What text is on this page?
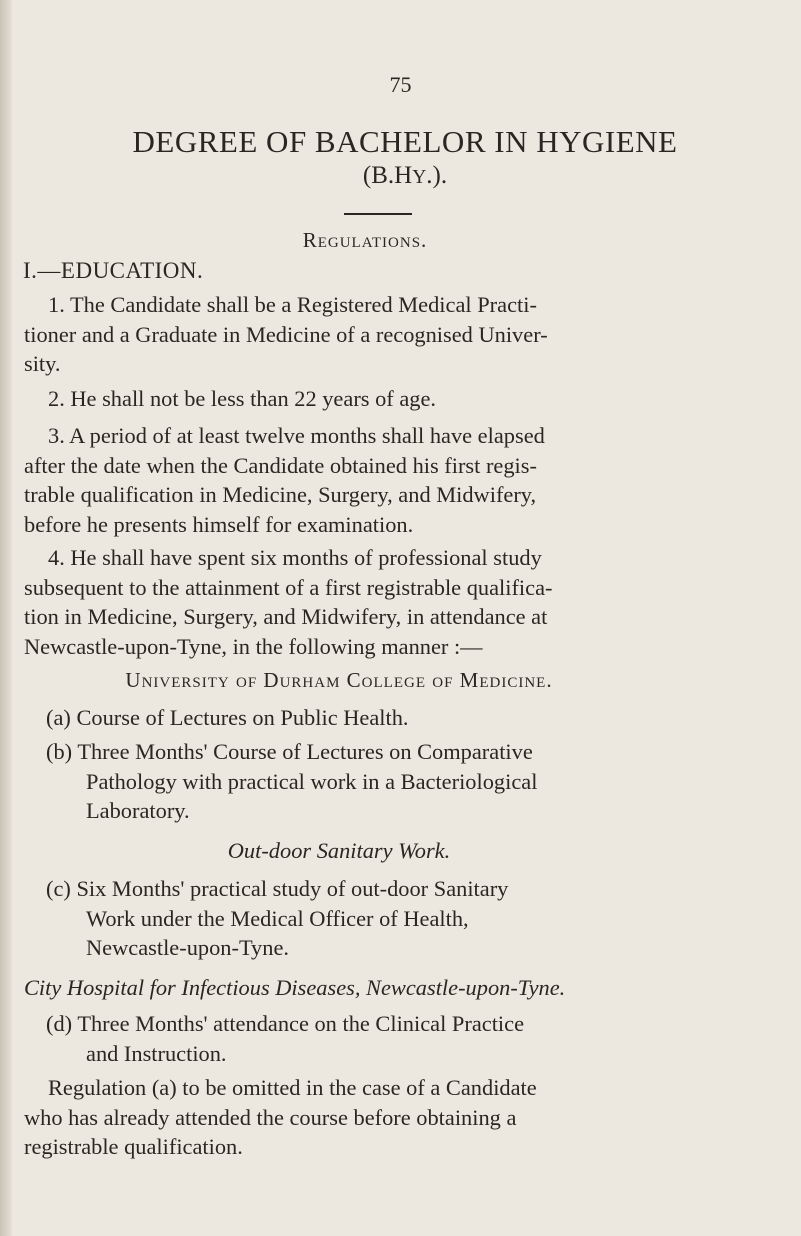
75
DEGREE OF BACHELOR IN HYGIENE
(B.HY.).
Regulations.
I.—EDUCATION.
1. The Candidate shall be a Registered Medical Practi-
tioner and a Graduate in Medicine of a recognised Univer-
sity.
2. He shall not be less than 22 years of age.
3. A period of at least twelve months shall have elapsed
after the date when the Candidate obtained his first regis-
trable qualification in Medicine, Surgery, and Midwifery,
before he presents himself for examination.
4. He shall have spent six months of professional study
subsequent to the attainment of a first registrable qualifica-
tion in Medicine, Surgery, and Midwifery, in attendance at
Newcastle-upon-Tyne, in the following manner :—
University of Durham College of Medicine.
(a) Course of Lectures on Public Health.
(b) Three Months' Course of Lectures on Comparative
Pathology with practical work in a Bacteriological
Laboratory.
Out-door Sanitary Work.
(c) Six Months' practical study of out-door Sanitary
Work under the Medical Officer of Health,
Newcastle-upon-Tyne.
City Hospital for Infectious Diseases, Newcastle-upon-Tyne.
(d) Three Months' attendance on the Clinical Practice
and Instruction.
Regulation (a) to be omitted in the case of a Candidate
who has already attended the course before obtaining a
registrable qualification.
